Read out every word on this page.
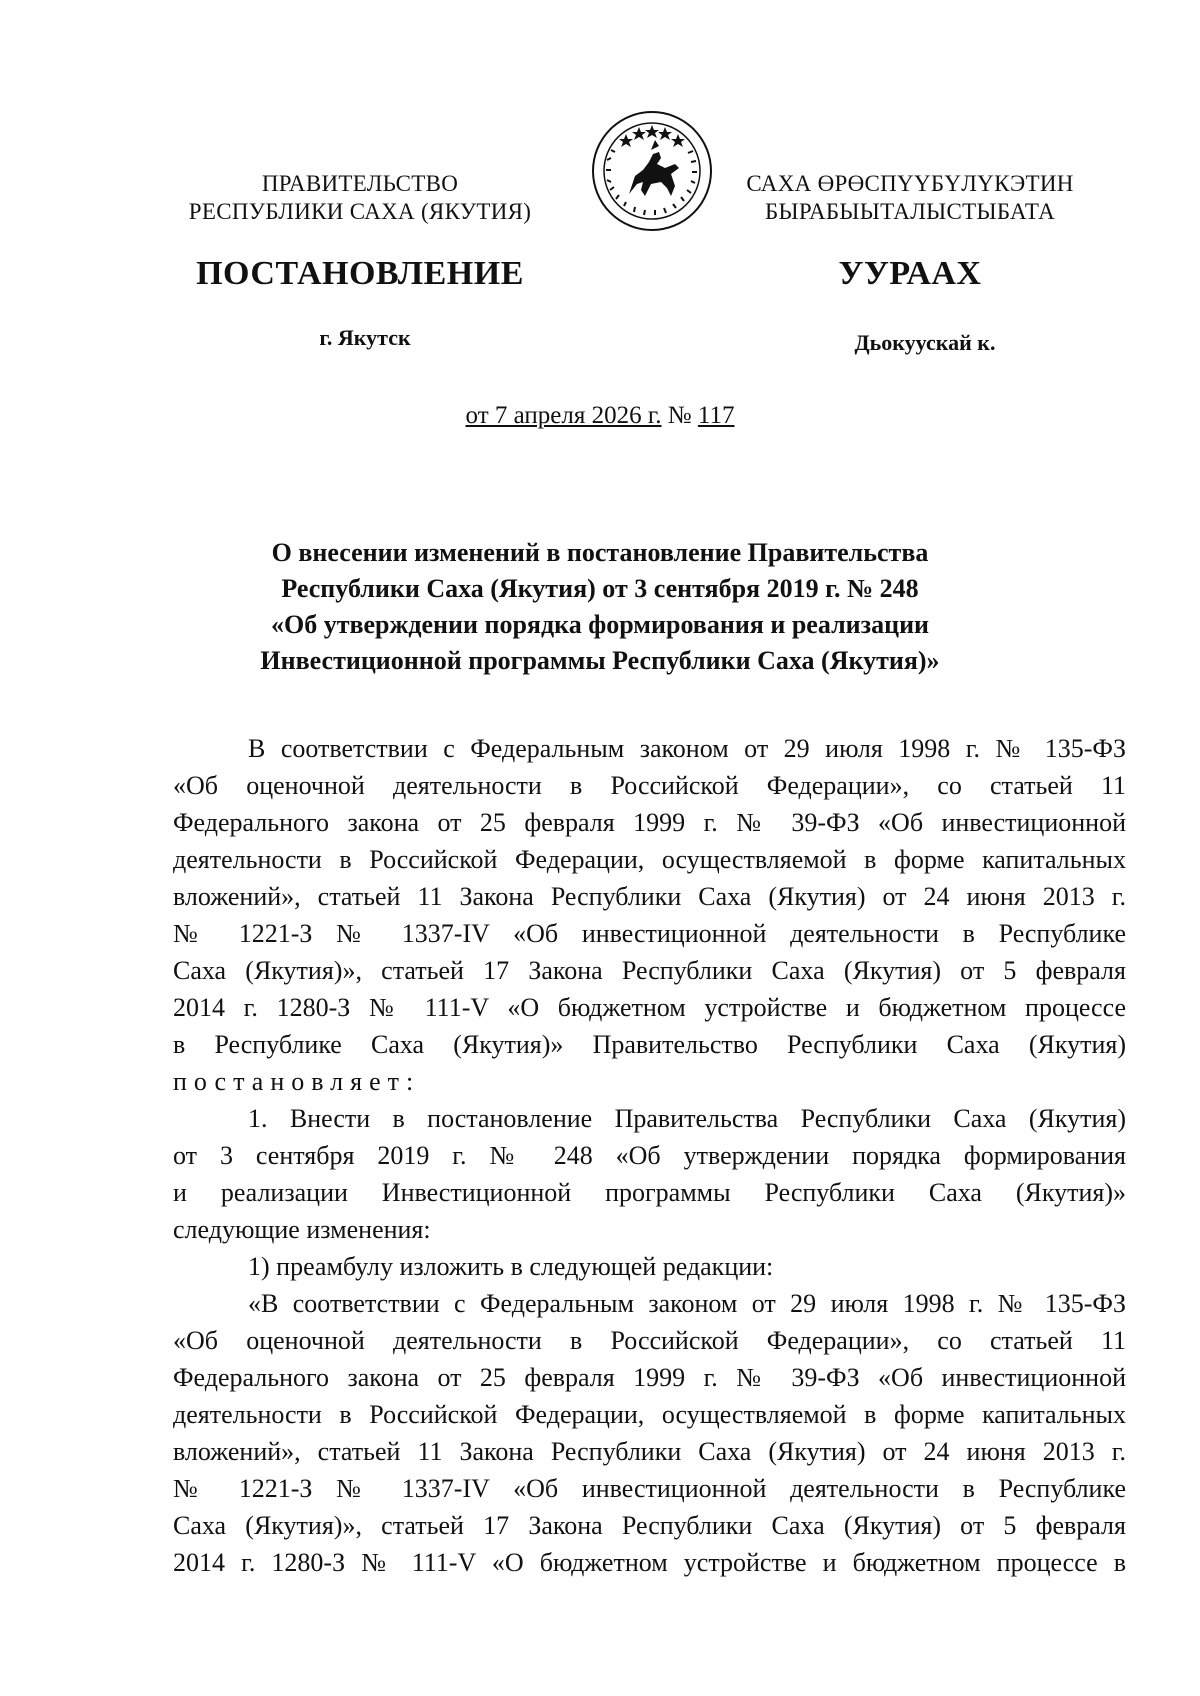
ПРАВИТЕЛЬСТВО
РЕСПУБЛИКИ САХА (ЯКУТИЯ)
САХА ӨРӨСПҮҮБҮЛҮКЭТИН
БЫРАБЫЫТАЛЫСТЫБАТА
ПОСТАНОВЛЕНИЕ	УУРААХ
г. Якутск	Дьокуускай к.
от 7 апреля 2026 г. № 117
О внесении изменений в постановление Правительства
Республики Саха (Якутия) от 3 сентября 2019 г. № 248
«Об утверждении порядка формирования и реализации
Инвестиционной программы Республики Саха (Якутия)»
В соответствии с Федеральным законом от 29 июля 1998 г. № 135-ФЗ
«Об оценочной деятельности в Российской Федерации», со статьей 11
Федерального закона от 25 февраля 1999 г. № 39-ФЗ «Об инвестиционной
деятельности в Российской Федерации, осуществляемой в форме капитальных
вложений», статьей 11 Закона Республики Саха (Якутия) от 24 июня 2013 г.
№ 1221-З № 1337-IV «Об инвестиционной деятельности в Республике
Саха (Якутия)», статьей 17 Закона Республики Саха (Якутия) от 5 февраля
2014 г. 1280-З № 111-V «О бюджетном устройстве и бюджетном процессе
в Республике Саха (Якутия)» Правительство Республики Саха (Якутия)
постановляет:
1. Внести в постановление Правительства Республики Саха (Якутия)
от 3 сентября 2019 г. № 248 «Об утверждении порядка формирования
и реализации Инвестиционной программы Республики Саха (Якутия)»
следующие изменения:
1) преамбулу изложить в следующей редакции:
«В соответствии с Федеральным законом от 29 июля 1998 г. № 135-ФЗ
«Об оценочной деятельности в Российской Федерации», со статьей 11
Федерального закона от 25 февраля 1999 г. № 39-ФЗ «Об инвестиционной
деятельности в Российской Федерации, осуществляемой в форме капитальных
вложений», статьей 11 Закона Республики Саха (Якутия) от 24 июня 2013 г.
№ 1221-З № 1337-IV «Об инвестиционной деятельности в Республике
Саха (Якутия)», статьей 17 Закона Республики Саха (Якутия) от 5 февраля
2014 г. 1280-З № 111-V «О бюджетном устройстве и бюджетном процессе в
